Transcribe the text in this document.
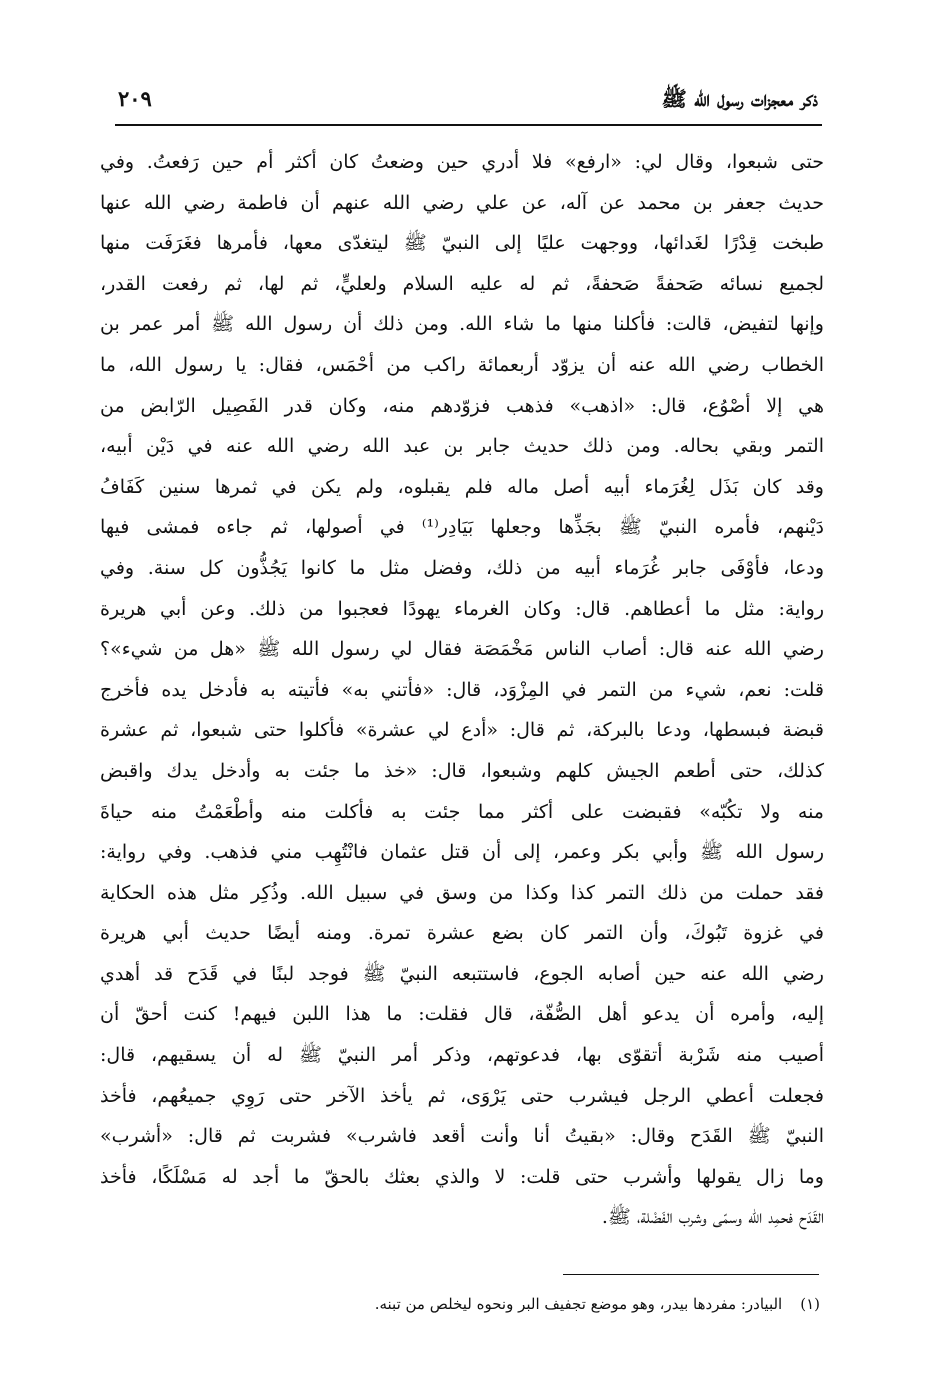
ذكر معجزات رسول الله ﷺ
٢٠٩
حتى شبعوا، وقال لي: «ارفع» فلا أدري حين وضعتُ كان أكثر أم حين رَفعتُ. وفي
حديث جعفر بن محمد عن آله، عن علي رضي الله عنهم أن فاطمة رضي الله عنها
طبخت قِدْرًا لغَدائها، ووجهت عليًا إلى النبيّ ﷺ ليتغدّى معها، فأمرها فغَرَفَت منها
لجميع نسائه صَحفةً صَحفةً، ثم له عليه السلام ولعليٍّ، ثم لها، ثم رفعت القدر،
وإنها لتفيض، قالت: فأكلنا منها ما شاء الله. ومن ذلك أن رسول الله ﷺ أمر عمر بن
الخطاب رضي الله عنه أن يزوّد أربعمائة راكب من أحْمَس، فقال: يا رسول الله، ما
هي إلا أصْوُع، قال: «اذهب» فذهب فزوّدهم منه، وكان قدر الفَصِيل الرّابض من
التمر وبقي بحاله. ومن ذلك حديث جابر بن عبد الله رضي الله عنه في دَيْن أبيه،
وقد كان بَذَل لِغُرَماء أبيه أصل ماله فلم يقبلوه، ولم يكن في ثمرها سنين كَفَافُ
دَيْنهم، فأمره النبيّ ﷺ بجَذِّها وجعلها بَيَادِر⁽¹⁾ في أصولها، ثم جاءه فمشى فيها
ودعا، فأوْفَى جابر غُرَماء أبيه من ذلك، وفضل مثل ما كانوا يَجُذُّون كل سنة. وفي
رواية: مثل ما أعطاهم. قال: وكان الغرماء يهودًا فعجبوا من ذلك. وعن أبي هريرة
رضي الله عنه قال: أصاب الناس مَخْمَصَة فقال لي رسول الله ﷺ «هل من شيء»؟
قلت: نعم، شيء من التمر في المِزْوَد، قال: «فأتني به» فأتيته به فأدخل يده فأخرج
قبضة فبسطها، ودعا بالبركة، ثم قال: «أدع لي عشرة» فأكلوا حتى شبعوا، ثم عشرة
كذلك، حتى أطعم الجيش كلهم وشبعوا، قال: «خذ ما جئت به وأدخل يدك واقبض
منه ولا تكُبّه» فقبضت على أكثر مما جئت به فأكلت منه وأطْعَمْتُ منه حياةَ
رسول الله ﷺ وأبي بكر وعمر، إلى أن قتل عثمان فانْتُهِب مني فذهب. وفي رواية:
فقد حملت من ذلك التمر كذا وكذا من وسق في سبيل الله. وذُكِر مثل هذه الحكاية
في غزوة تَبُوكَ، وأن التمر كان بضع عشرة تمرة. ومنه أيضًا حديث أبي هريرة
رضي الله عنه حين أصابه الجوع، فاستتبعه النبيّ ﷺ فوجد لبنًا في قَدَح قد أهدي
إليه، وأمره أن يدعو أهل الصُّفّة، قال فقلت: ما هذا اللبن فيهم! كنت أحقّ أن
أصيب منه شَرْبة أتقوّى بها، فدعوتهم، وذكر أمر النبيّ ﷺ له أن يسقيهم، قال:
فجعلت أعطي الرجل فيشرب حتى يَرْوَى، ثم يأخذ الآخر حتى رَوِي جميعُهم، فأخذ
النبيّ ﷺ القَدَح وقال: «بقيتُ أنا وأنت أقعد فاشرب» فشربت ثم قال: «أشرب»
وما زال يقولها وأشرب حتى قلت: لا والذي بعثك بالحقّ ما أجد له مَسْلَكًا، فأخذ
القَدَح فحمِد الله وسمّى وشرب الفَضْلة، ﷺ.
(١)البيادر: مفردها بيدر، وهو موضع تجفيف البر ونحوه ليخلص من تبنه.
